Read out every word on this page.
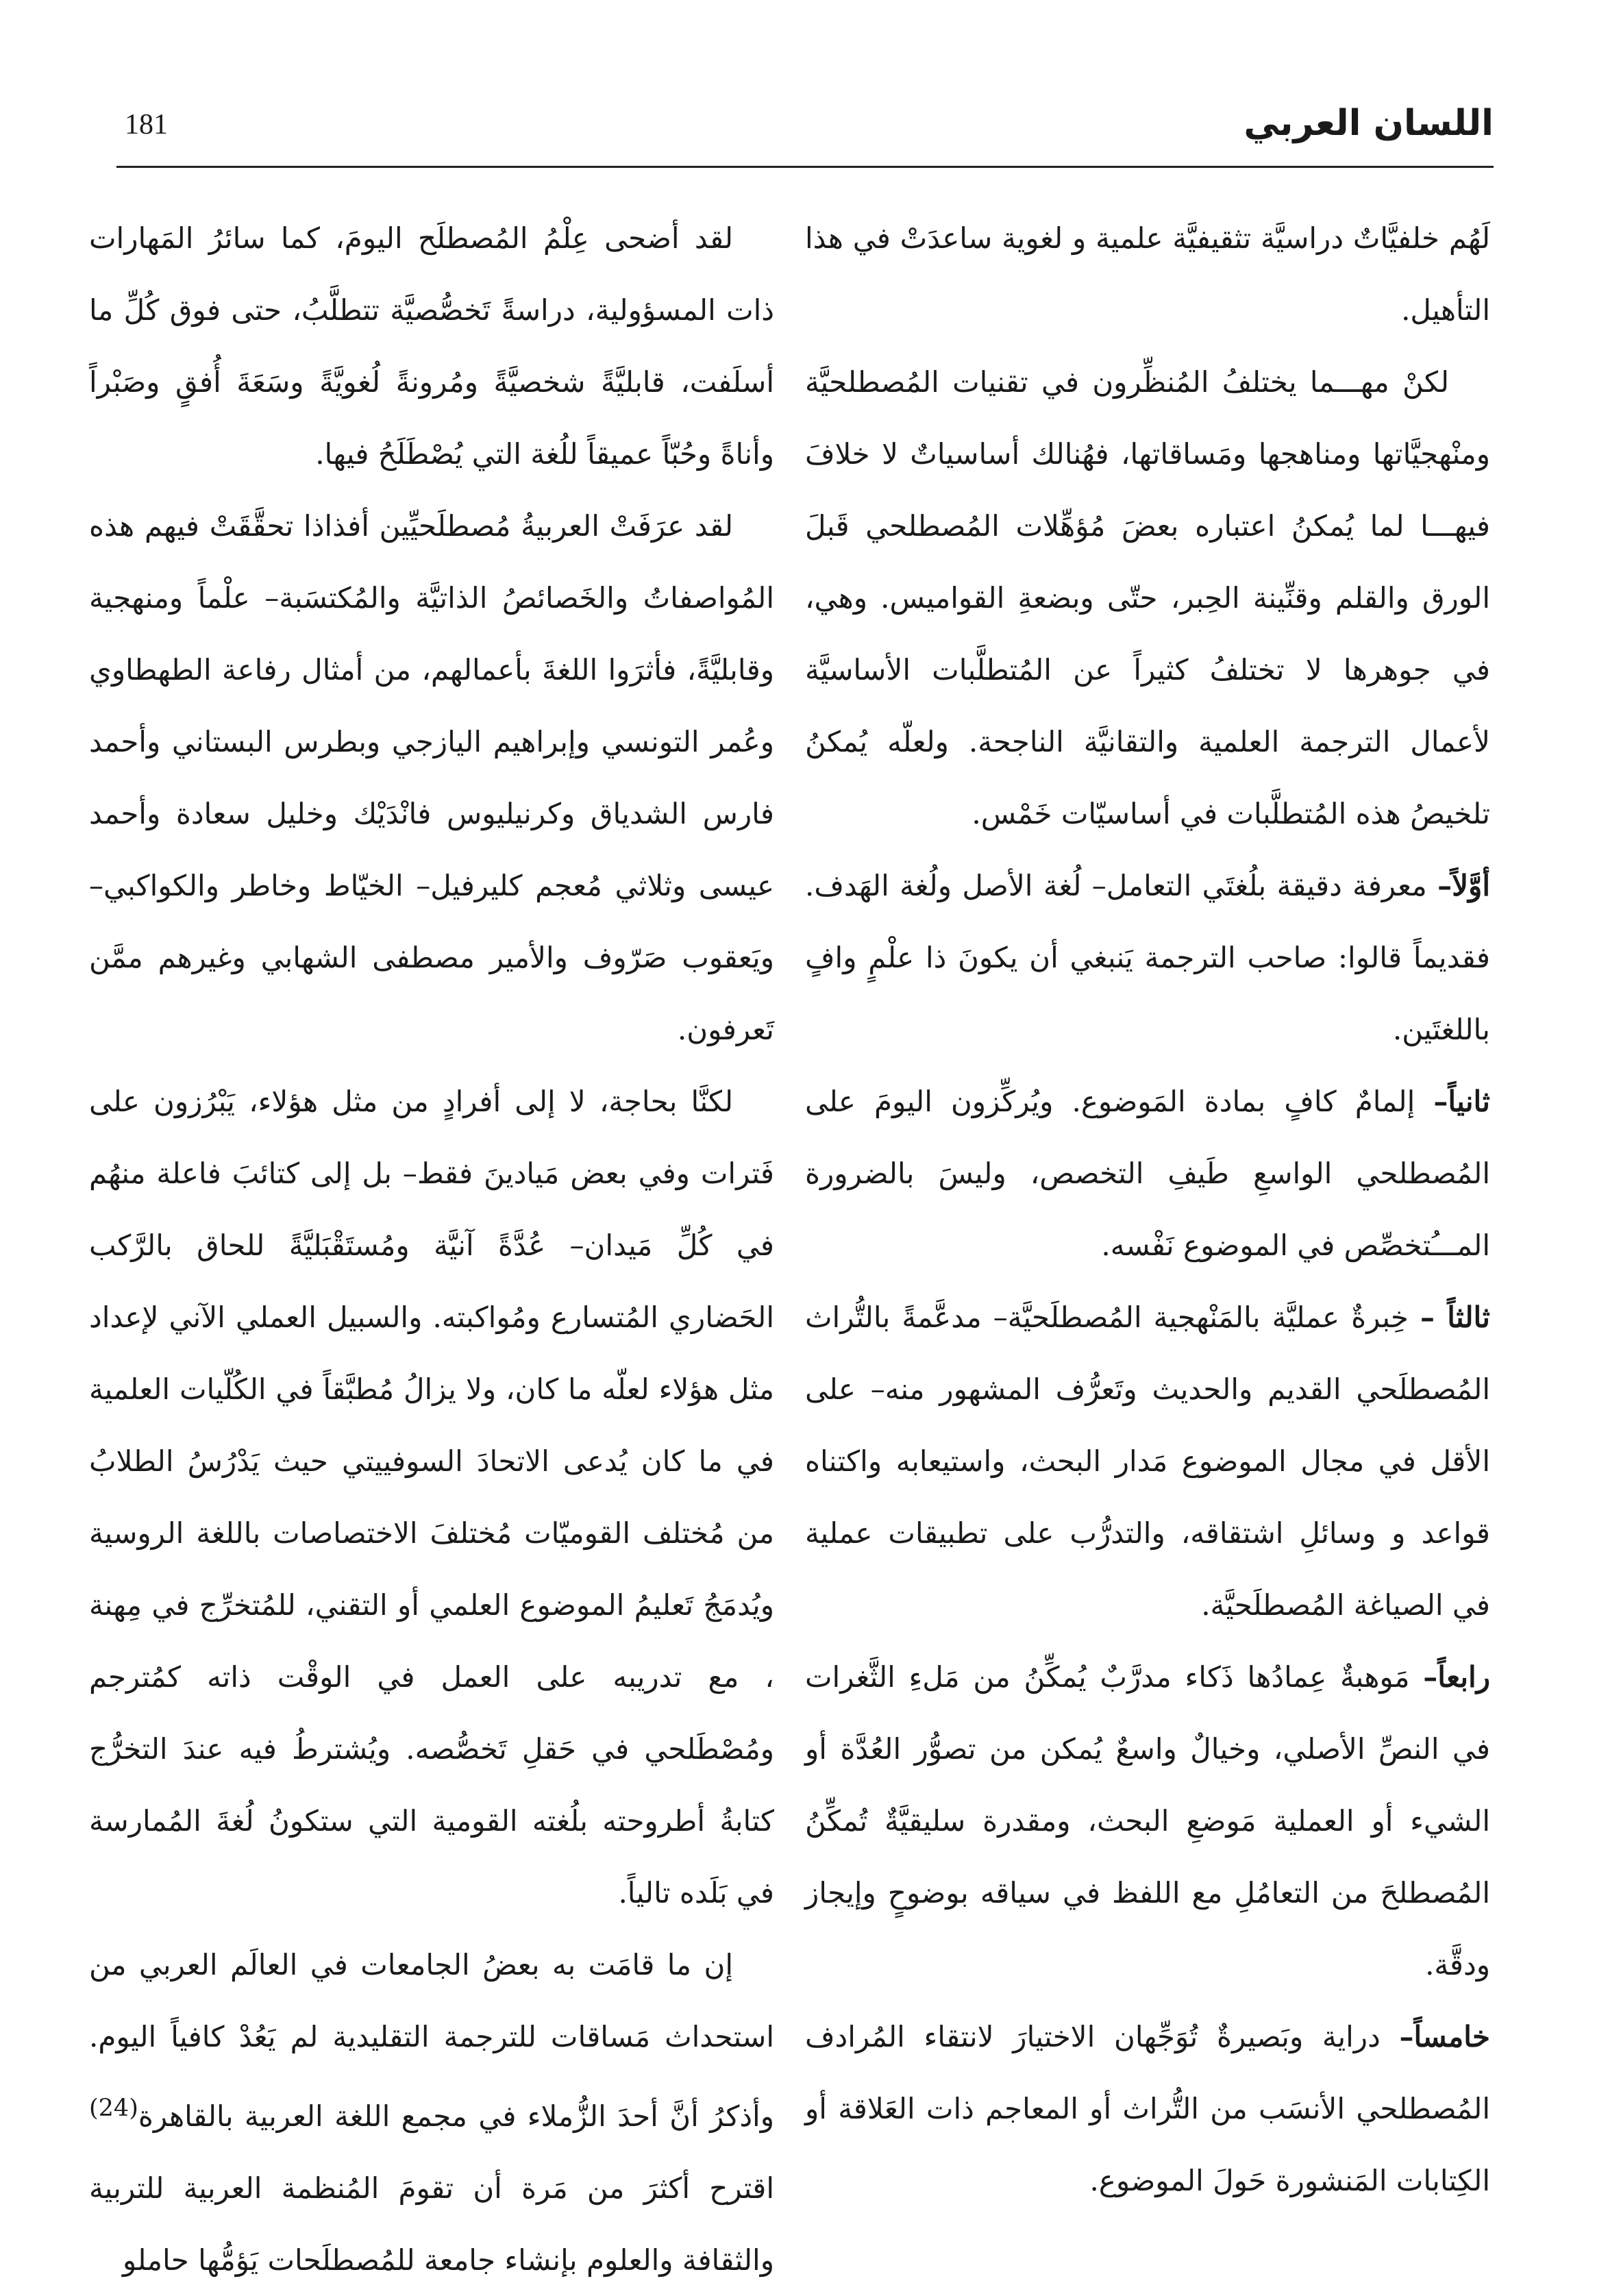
181	اللسان العربي

لَهُم خلفيَّاتٌ دراسيَّة تثقيفيَّة علمية و لغوية ساعدَتْ في هذا التأهيل.

لكنْ مهـــما يختلفُ المُنظِّرون في تقنيات المُصطلحيَّة ومنْهجيَّاتها ومناهجها ومَساقاتها، فهُنالك أساسياتٌ لا خلافَ فيهـــا لما يُمكنُ اعتباره بعضَ مُؤهِّلات المُصطلحي قَبلَ الورق والقلم وقنِّينة الحِبر، حتّى وبضعةِ القواميس. وهي، في جوهرها لا تختلفُ كثيراً عن المُتطلَّبات الأساسيَّة لأعمال الترجمة العلمية والتقانيَّة الناجحة. ولعلّه يُمكنُ تلخيصُ هذه المُتطلَّبات في أساسيّات خَمْس.

أوَّلاً– معرفة دقيقة بلُغتَي التعامل– لُغة الأصل ولُغة الهَدف. فقديماً قالوا: صاحب الترجمة يَنبغي أن يكونَ ذا علْمٍ وافٍ باللغتَين.

ثانياً– إلمامٌ كافٍ بمادة المَوضوع. ويُركِّزون اليومَ على المُصطلحي الواسعِ طَيفِ التخصص، وليسَ بالضرورة المـــُتخصِّص في الموضوع نَفْسه.

ثالثاً – خِبرةٌ عمليَّة بالمَنْهجية المُصطلَحيَّة– مدعَّمةً بالتُّراث المُصطلَحي القديم والحديث وتَعرُّف المشهور منه– على الأقل في مجال الموضوع مَدار البحث، واستيعابه واكتناه قواعد و وسائلِ اشتقاقه، والتدرُّب على تطبيقات عملية في الصياغة المُصطلَحيَّة.

رابعاً– مَوهبةٌ عِمادُها ذَكاء مدرَّبٌ يُمكِّنُ من مَلءِ الثَّغرات في النصِّ الأصلي، وخيالٌ واسعٌ يُمكن من تصوُّر العُدَّة أو الشيء أو العملية مَوضعِ البحث، ومقدرة سليقيَّةٌ تُمكِّنُ المُصطلحَ من التعامُلِ مع اللفظ في سياقه بوضوحٍ وإيجاز ودقَّة.

خامساً– دراية وبَصيرةٌ تُوَجِّهان الاختيارَ لانتقاء المُرادف المُصطلحي الأنسَب من التُّراث أو المعاجم ذات العَلاقة أو الكِتابات المَنشورة حَولَ الموضوع.

لقد أضحى عِلْمُ المُصطلَح اليومَ، كما سائرُ المَهارات ذات المسؤولية، دراسةً تَخصُّصيَّة تتطلَّبُ، حتى فوق كُلِّ ما أسلَفت، قابليَّةً شخصيَّةً ومُرونةً لُغويَّةً وسَعَةَ أُفقٍ وصَبْراً وأناةً وحُبّاً عميقاً للُغة التي يُصْطَلَحُ فيها.

لقد عرَفَتْ العربيةُ مُصطلَحيِّين أفذاذا تحقَّقَتْ فيهم هذه المُواصفاتُ والخَصائصُ الذاتيَّة والمُكتسَبة– علْماً ومنهجية وقابليَّةً، فأثرَوا اللغةَ بأعمالهم، من أمثال رفاعة الطهطاوي وعُمر التونسي وإبراهيم اليازجي وبطرس البستاني وأحمد فارس الشدياق وكرنيليوس فانْدَيْك وخليل سعادة وأحمد عيسى وثلاثي مُعجم كليرفيل– الخيّاط وخاطر والكواكبي– ويَعقوب صَرّوف والأمير مصطفى الشهابي وغيرهم ممَّن تَعرفون.

لكنَّا بحاجة، لا إلى أفرادٍ من مثل هؤلاء، يَبْرُزون على فَترات وفي بعض مَيادينَ فقط– بل إلى كتائبَ فاعلة منهُم في كُلِّ مَيدان– عُدَّةً آنيَّة ومُستَقْبَليَّةً للحاق بالرَّكب الحَضاري المُتسارع ومُواكبته. والسبيل العملي الآني لإعداد مثل هؤلاء لعلّه ما كان، ولا يزالُ مُطبَّقاً في الكُلّيات العلمية في ما كان يُدعى الاتحادَ السوفييتي حيث يَدْرُسُ الطلابُ من مُختلف القوميّات مُختلفَ الاختصاصات باللغة الروسية ويُدمَجُ تَعليمُ الموضوع العلمي أو التقني، للمُتخرِّج في مِهنة ، مع تدريبه على العمل في الوقْت ذاته كمُترجم ومُصْطَلحي في حَقلِ تَخصُّصه. ويُشترطُ فيه عندَ التخرُّج كتابةُ أطروحته بلُغته القومية التي ستكونُ لُغةَ المُمارسة في بَلَده تالياً.

إن ما قامَت به بعضُ الجامعات في العالَم العربي من استحداث مَساقات للترجمة التقليدية لم يَعُدْ كافياً اليوم. وأذكرُ أنَّ أحدَ الزُّملاء في مجمع اللغة العربية بالقاهرة$^{(24)}$ اقترح أكثرَ من مَرة أن تقومَ المُنظمة العربية للتربية والثقافة والعلوم بإنشاء جامعة للمُصطلَحات يَؤمُّها حاملو
